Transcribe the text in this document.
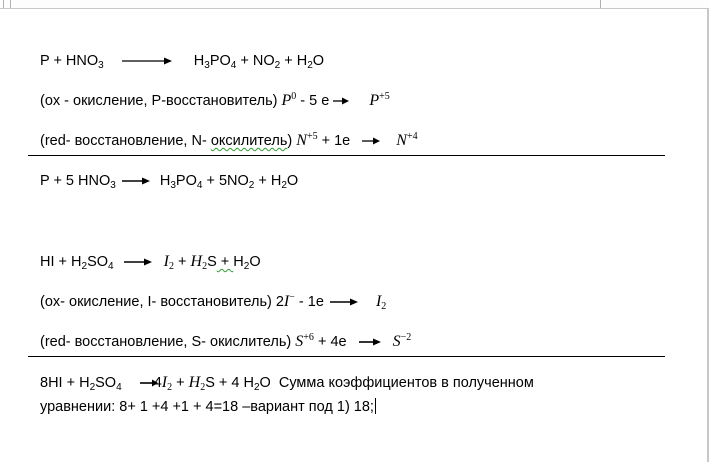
$P + HNO_3$	$H_3PO_4 + NO_2 + H_2O$
(ox - окисление, Р-восстановитель) $P^0 - 5$ е	$P^{+5}$
(red- восстановление, N- оксилитель) $N^{+5} + 1e$	$N^{+4}$
P + 5 $HNO_3$	$H_3PO_4 + 5NO_2 + H_2O$
HI + $H_2SO_4$	$I_2 + H_2S + H_2O$
(ox- окисление, I- восстановитель) 2I− - 1e	$I_2$
(red- восстановление, S- окислитель) $S^{+6} + 4e$	$S^{-2}$
$8HI + H_2SO_4$ $4I_2 + H_2S + 4$ $H_2O$ Сумма коэффициентов в полученном
уравнении: 8+ 1 +4 +1 + 4=18 –вариант под 1) 18;
